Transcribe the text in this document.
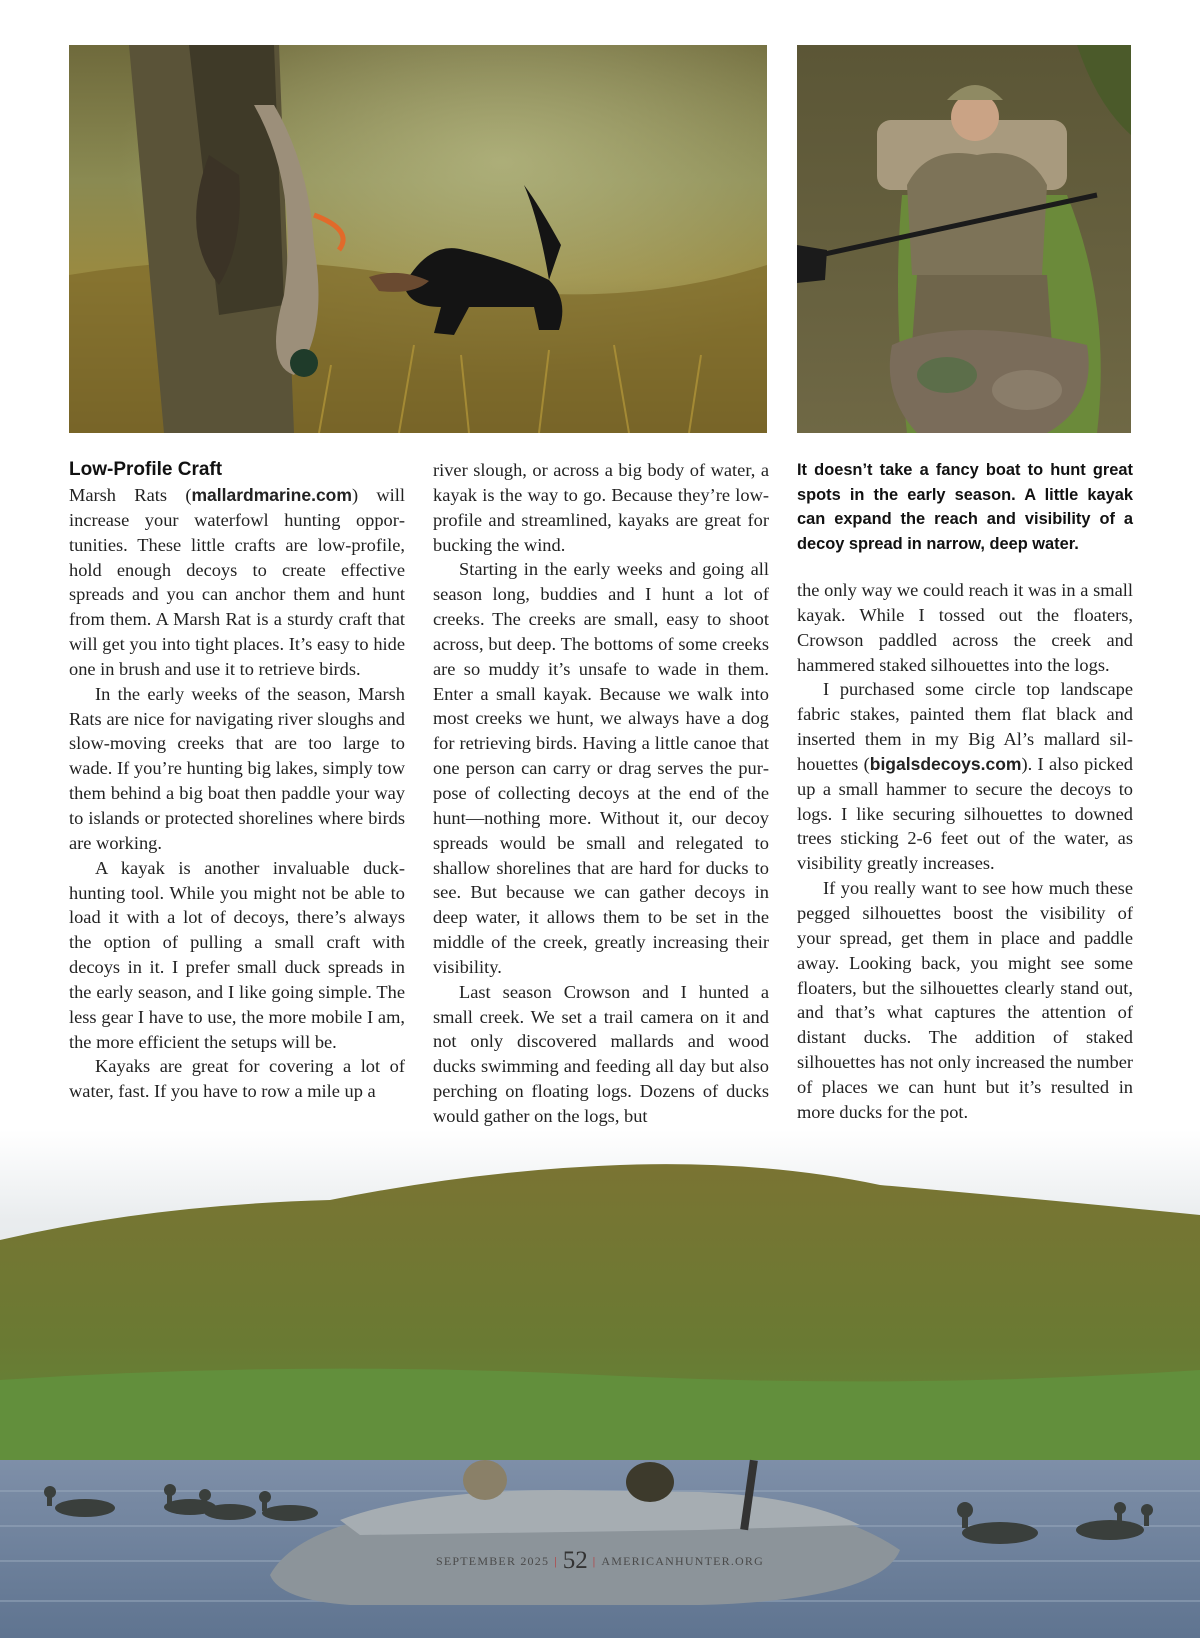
Low-Profile Craft

Marsh Rats (mallardmarine.com) will increase your waterfowl hunting opportunities. These little crafts are low-profile, hold enough decoys to create effective spreads and you can anchor them and hunt from them. A Marsh Rat is a sturdy craft that will get you into tight places. It’s easy to hide one in brush and use it to retrieve birds.

In the early weeks of the season, Marsh Rats are nice for navigating river sloughs and slow-moving creeks that are too large to wade. If you’re hunting big lakes, simply tow them behind a big boat then paddle your way to islands or protected shorelines where birds are working.

A kayak is another invaluable duck-hunting tool. While you might not be able to load it with a lot of decoys, there’s always the option of pulling a small craft with decoys in it. I prefer small duck spreads in the early season, and I like going simple. The less gear I have to use, the more mobile I am, the more efficient the setups will be.

Kayaks are great for covering a lot of water, fast. If you have to row a mile up a

river slough, or across a big body of water, a kayak is the way to go. Because they’re low-profile and streamlined, kayaks are great for bucking the wind.

Starting in the early weeks and going all season long, buddies and I hunt a lot of creeks. The creeks are small, easy to shoot across, but deep. The bottoms of some creeks are so muddy it’s unsafe to wade in them. Enter a small kayak. Because we walk into most creeks we hunt, we always have a dog for retrieving birds. Having a little canoe that one person can carry or drag serves the purpose of collecting decoys at the end of the hunt—nothing more. Without it, our decoy spreads would be small and relegated to shallow shorelines that are hard for ducks to see. But because we can gather decoys in deep water, it allows them to be set in the middle of the creek, greatly increasing their visibility.

Last season Crowson and I hunted a small creek. We set a trail camera on it and not only discovered mallards and wood ducks swimming and feeding all day but also perching on floating logs. Dozens of ducks would gather on the logs, but

It doesn’t take a fancy boat to hunt great spots in the early season. A little kayak can expand the reach and visibility of a decoy spread in narrow, deep water.

the only way we could reach it was in a small kayak. While I tossed out the floaters, Crowson paddled across the creek and hammered staked silhouettes into the logs.

I purchased some circle top landscape fabric stakes, painted them flat black and inserted them in my Big Al’s mallard silhouettes (bigalsdecoys.com). I also picked up a small hammer to secure the decoys to logs. I like securing silhouettes to downed trees sticking 2-6 feet out of the water, as visibility greatly increases.

If you really want to see how much these pegged silhouettes boost the visibility of your spread, get them in place and paddle away. Looking back, you might see some floaters, but the silhouettes clearly stand out, and that’s what captures the attention of distant ducks. The addition of staked silhouettes has not only increased the number of places we can hunt but it’s resulted in more ducks for the pot.

SEPTEMBER 2025 | 52 | AMERICANHUNTER.ORG
